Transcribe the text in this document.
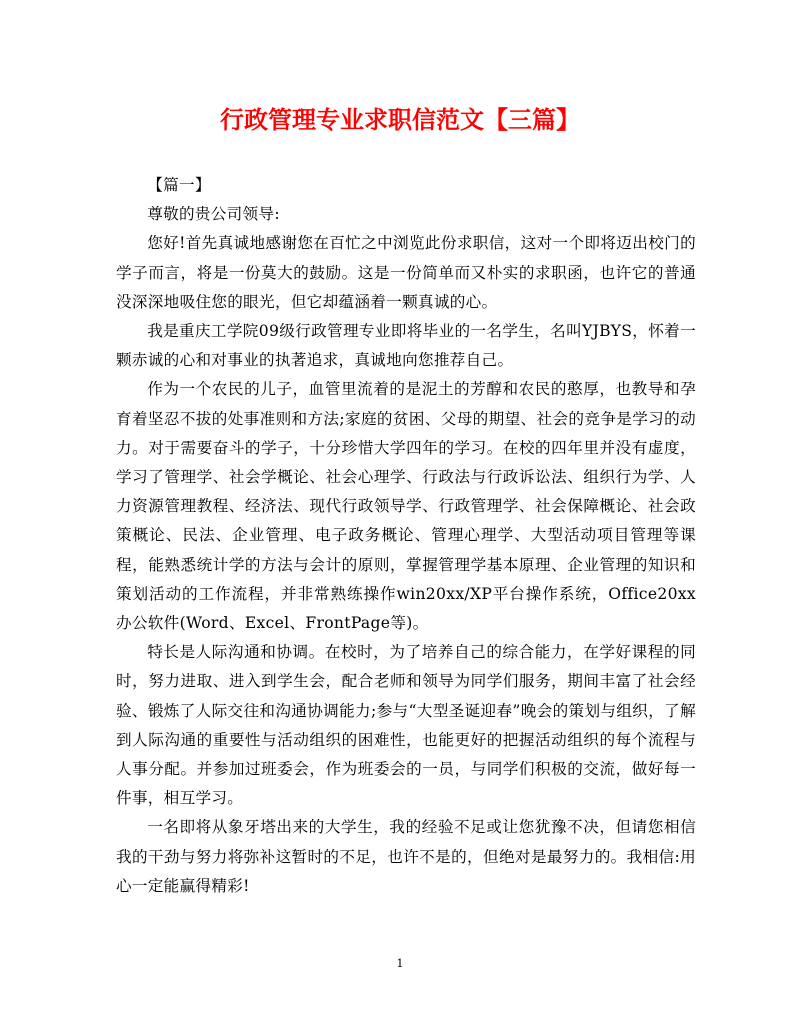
行政管理专业求职信范文【三篇】

【篇一】

尊敬的贵公司领导:

您好!首先真诚地感谢您在百忙之中浏览此份求职信，这对一个即将迈出校门的学子而言，将是一份莫大的鼓励。这是一份简单而又朴实的求职函，也许它的普通没深深地吸住您的眼光，但它却蕴涵着一颗真诚的心。

我是重庆工学院09级行政管理专业即将毕业的一名学生，名叫YJBYS，怀着一颗赤诚的心和对事业的执著追求，真诚地向您推荐自己。

作为一个农民的儿子，血管里流着的是泥土的芳醇和农民的憨厚，也教导和孕育着坚忍不拔的处事准则和方法;家庭的贫困、父母的期望、社会的竞争是学习的动力。对于需要奋斗的学子，十分珍惜大学四年的学习。在校的四年里并没有虚度，学习了管理学、社会学概论、社会心理学、行政法与行政诉讼法、组织行为学、人力资源管理教程、经济法、现代行政领导学、行政管理学、社会保障概论、社会政策概论、民法、企业管理、电子政务概论、管理心理学、大型活动项目管理等课程，能熟悉统计学的方法与会计的原则，掌握管理学基本原理、企业管理的知识和策划活动的工作流程，并非常熟练操作win20xx/XP平台操作系统，Office20xx办公软件(Word、Excel、FrontPage等)。

特长是人际沟通和协调。在校时，为了培养自己的综合能力，在学好课程的同时，努力进取、进入到学生会，配合老师和领导为同学们服务，期间丰富了社会经验、锻炼了人际交往和沟通协调能力;参与“大型圣诞迎春”晚会的策划与组织，了解到人际沟通的重要性与活动组织的困难性，也能更好的把握活动组织的每个流程与人事分配。并参加过班委会，作为班委会的一员，与同学们积极的交流，做好每一件事，相互学习。

一名即将从象牙塔出来的大学生，我的经验不足或让您犹豫不决，但请您相信我的干劲与努力将弥补这暂时的不足，也许不是的，但绝对是最努力的。我相信:用心一定能赢得精彩!

1
